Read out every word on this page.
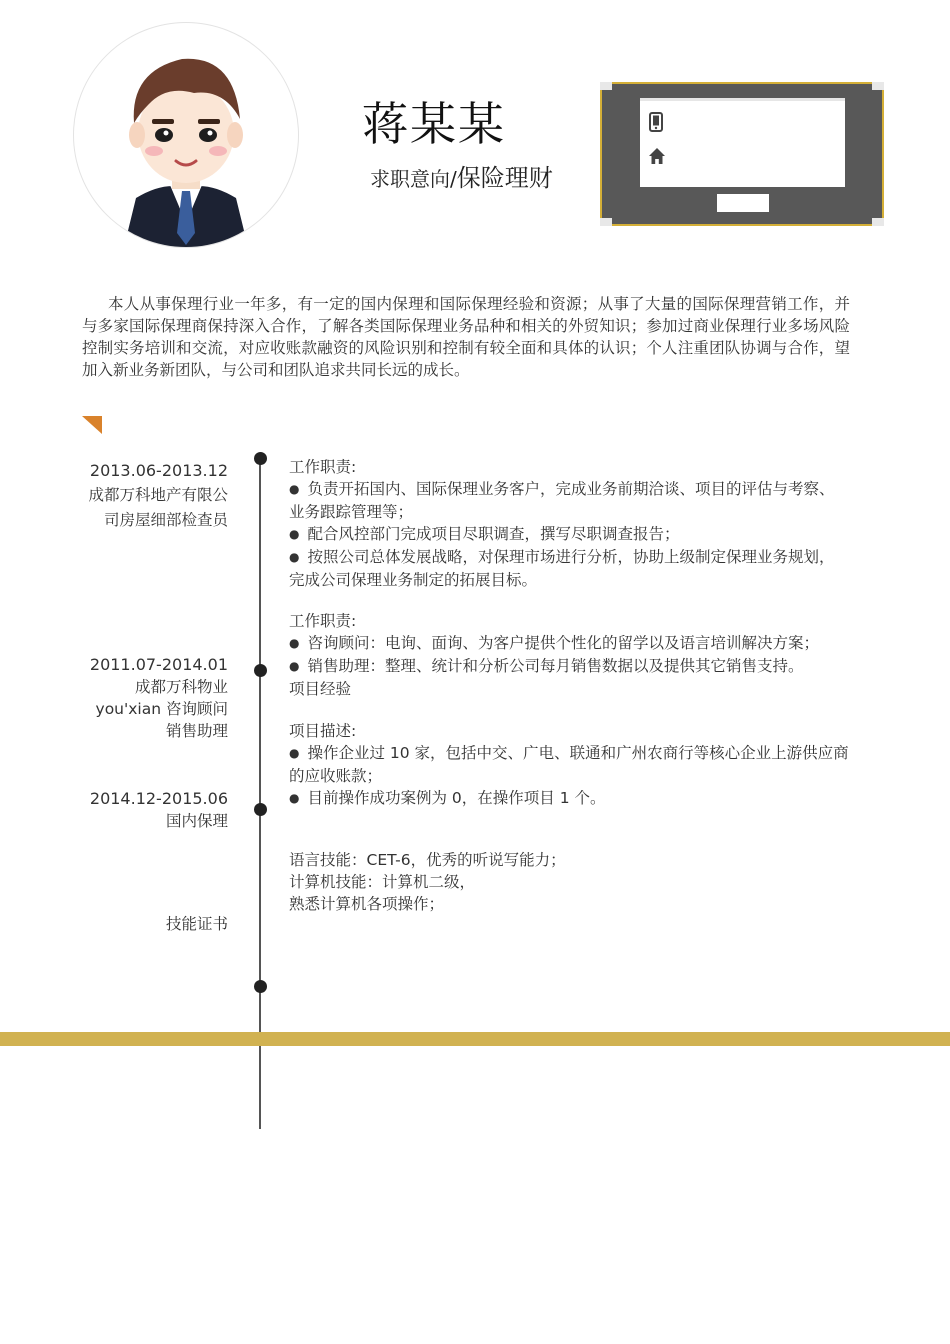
蒋某某
求职意向/保险理财
本人从事保理行业一年多，有一定的国内保理和国际保理经验和资源；从事了大量的国际保理营销工作，并与多家国际保理商保持深入合作，了解各类国际保理业务品种和相关的外贸知识；参加过商业保理行业多场风险控制实务培训和交流，对应收账款融资的风险识别和控制有较全面和具体的认识；个人注重团队协调与合作，望加入新业务新团队，与公司和团队追求共同长远的成长。
2013.06-2013.12
成都万科地产有限公司房屋细部检查员
2011.07-2014.01
成都万科物业
you'xian 咨询顾问
销售助理
2014.12-2015.06
国内保理
技能证书

工作职责:

● 负责开拓国内、国际保理业务客户，完成业务前期洽谈、项目的评估与考察、业务跟踪管理等；

● 配合风控部门完成项目尽职调查，撰写尽职调查报告；

● 按照公司总体发展战略，对保理市场进行分析，协助上级制定保理业务规划，完成公司保理业务制定的拓展目标。

工作职责:

● 咨询顾问：电询、面询、为客户提供个性化的留学以及语言培训解决方案；

● 销售助理：整理、统计和分析公司每月销售数据以及提供其它销售支持。

项目经验

项目描述:

● 操作企业过 10 家，包括中交、广电、联通和广州农商行等核心企业上游供应商的应收账款；

● 目前操作成功案例为 0，在操作项目 1 个。

语言技能：CET-6，优秀的听说写能力；

计算机技能：计算机二级，

熟悉计算机各项操作；
